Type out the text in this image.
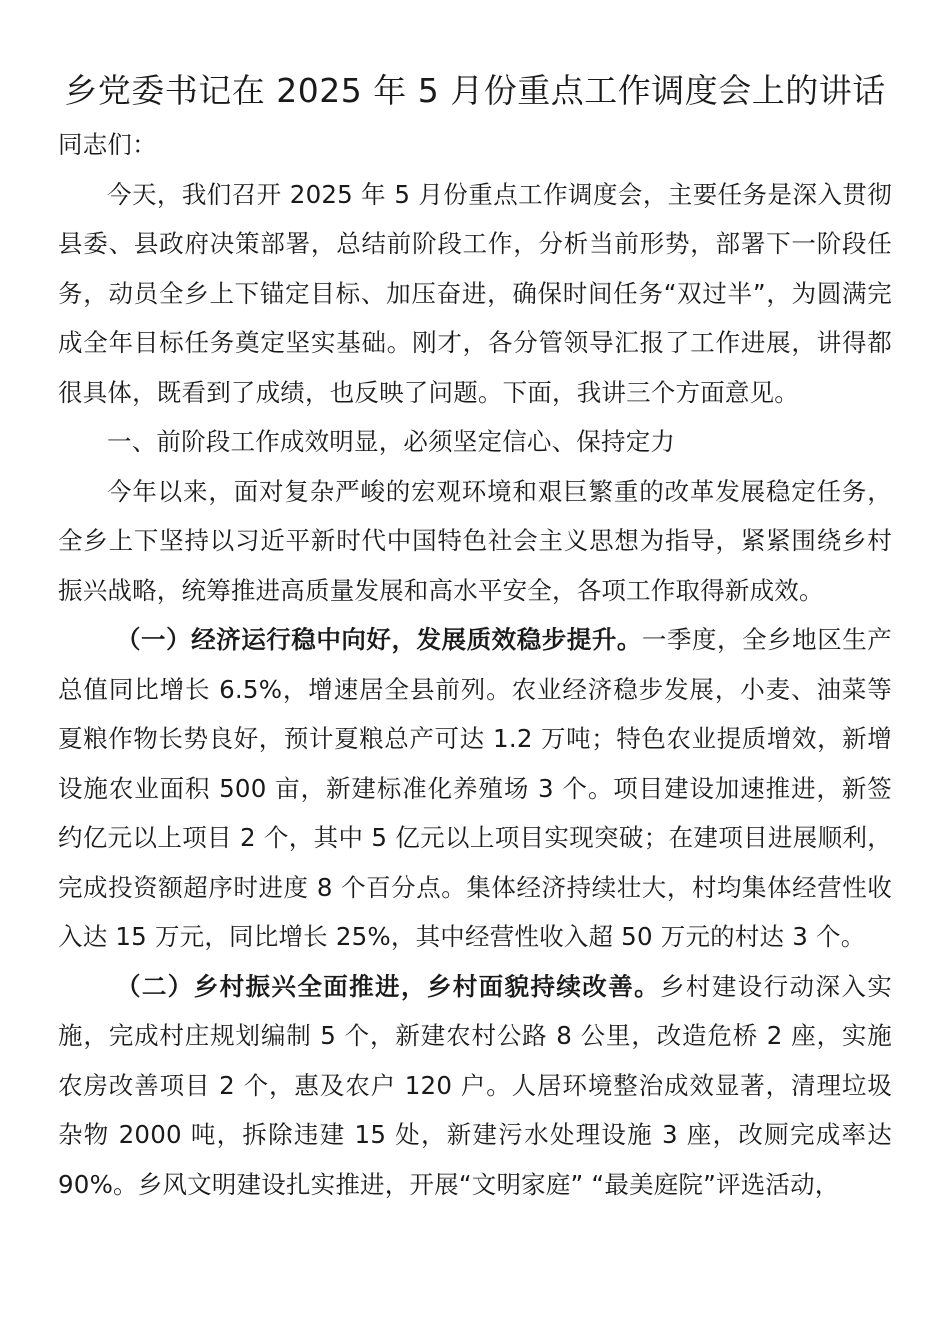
乡党委书记在 2025 年 5 月份重点工作调度会上的讲话

同志们：

今天，我们召开 2025 年 5 月份重点工作调度会，主要任务是深入贯彻县委、县政府决策部署，总结前阶段工作，分析当前形势，部署下一阶段任务，动员全乡上下锚定目标、加压奋进，确保时间任务“双过半”，为圆满完成全年目标任务奠定坚实基础。刚才，各分管领导汇报了工作进展，讲得都很具体，既看到了成绩，也反映了问题。下面，我讲三个方面意见。

一、前阶段工作成效明显，必须坚定信心、保持定力

今年以来，面对复杂严峻的宏观环境和艰巨繁重的改革发展稳定任务，全乡上下坚持以习近平新时代中国特色社会主义思想为指导，紧紧围绕乡村振兴战略，统筹推进高质量发展和高水平安全，各项工作取得新成效。

（一）经济运行稳中向好，发展质效稳步提升。一季度，全乡地区生产总值同比增长 6.5%，增速居全县前列。农业经济稳步发展，小麦、油菜等夏粮作物长势良好，预计夏粮总产可达 1.2 万吨；特色农业提质增效，新增设施农业面积 500 亩，新建标准化养殖场 3 个。项目建设加速推进，新签约亿元以上项目 2 个，其中 5 亿元以上项目实现突破；在建项目进展顺利，完成投资额超序时进度 8 个百分点。集体经济持续壮大，村均集体经营性收入达 15 万元，同比增长 25%，其中经营性收入超 50 万元的村达 3 个。

（二）乡村振兴全面推进，乡村面貌持续改善。乡村建设行动深入实施，完成村庄规划编制 5 个，新建农村公路 8 公里，改造危桥 2 座，实施农房改善项目 2 个，惠及农户 120 户。人居环境整治成效显著，清理垃圾杂物 2000 吨，拆除违建 15 处，新建污水处理设施 3 座，改厕完成率达 90%。乡风文明建设扎实推进，开展“文明家庭” “最美庭院”评选活动，
